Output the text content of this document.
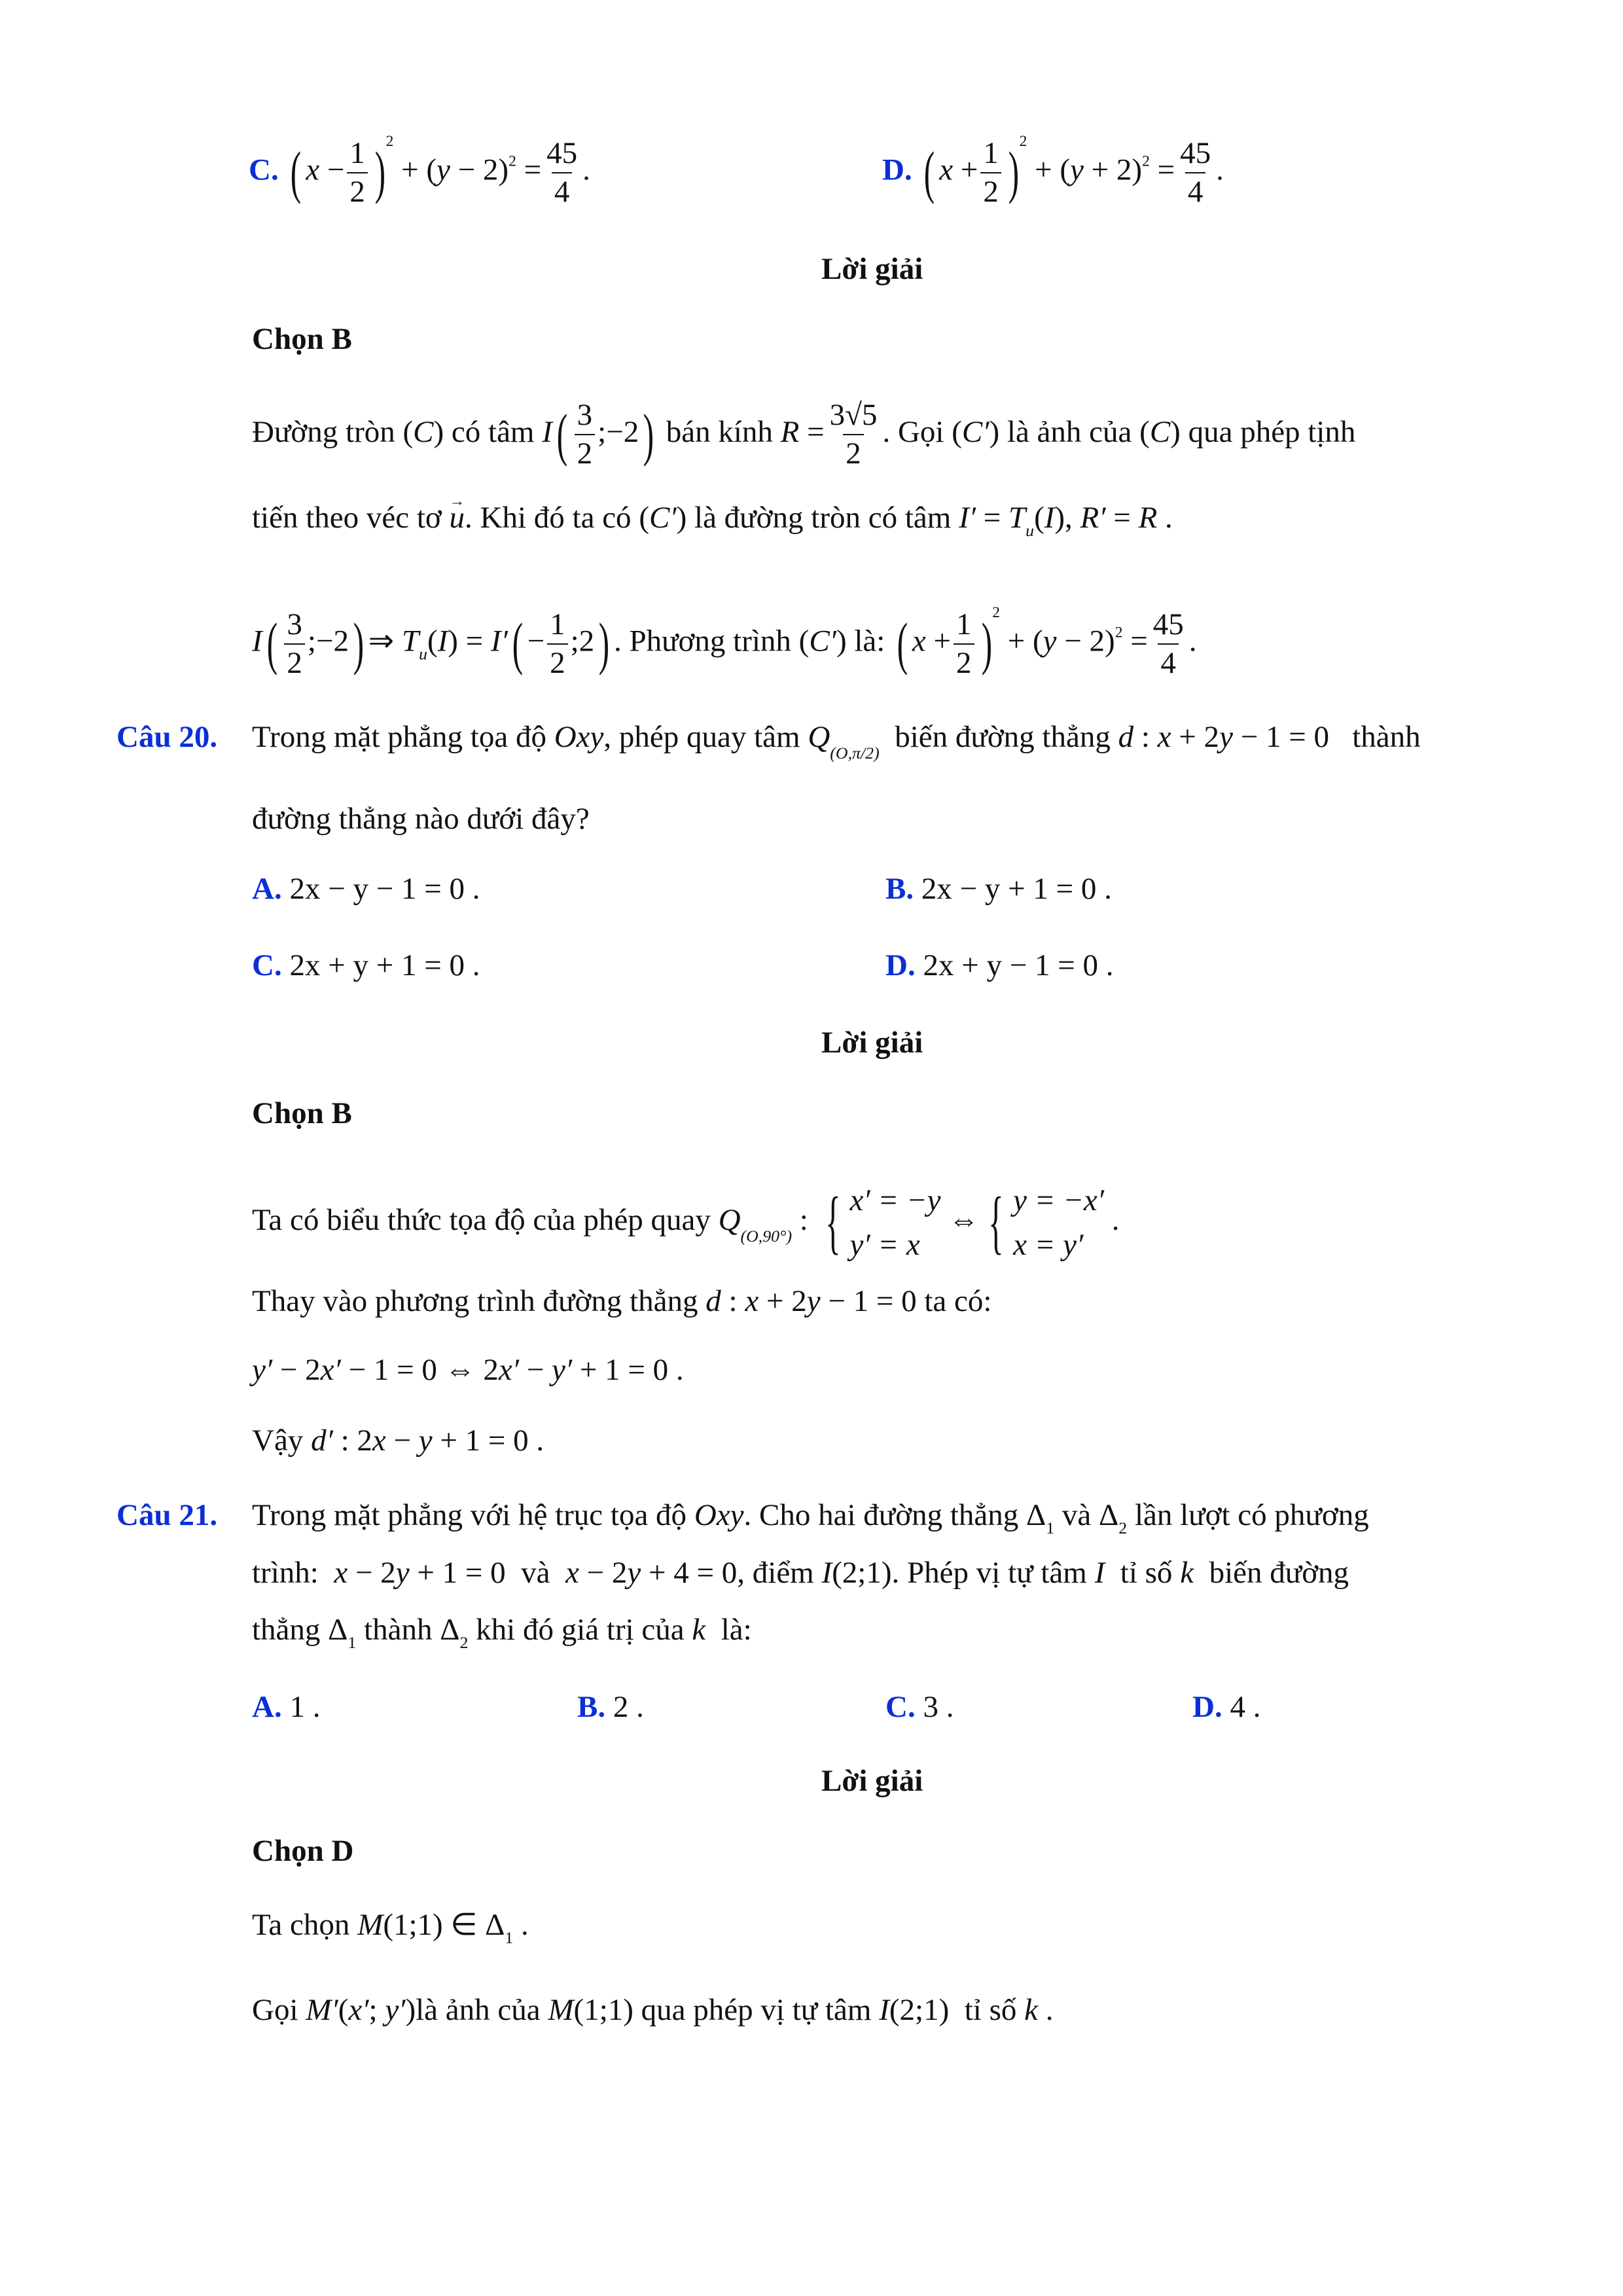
C. ( $x - \frac{1}{2} )^2 + (y - 2)^2 = \frac{45}{4}$ .	D. ( $x + \frac{1}{2} )^2 + (y + 2)^2 = \frac{45}{4}$ .
Lời giải
Chọn B
Đường tròn (C) có tâm $I( \frac{3}{2}$ ;−2) bán kính $R = \frac{3√5}{2}$ . Gọi (C′) là ảnh của (C) qua phép tịnh
tiến theo véc tơ → u. Khi đó ta có (C′) là đường tròn có tâm $I' = T_u(I)$, R′ = R .
$I( \frac{3}{2}$ ;−2) ⇒ $T_u(I) = I'( - \frac{1}{2}$ ;2) . Phương trình (C′) là: ( $x + \frac{1}{2} )^2 + (y - 2)^2 = \frac{45}{4}$ .
Câu 20. Trong mặt phẳng tọa độ Oxy, phép quay tâm $Q_{(O,\pi/2)}$ biến đường thẳng d : x + 2y − 1 = 0   thành
đường thẳng nào dưới đây?
A. 2x − y − 1 = 0 .	B. 2x − y + 1 = 0 .
C. 2x + y + 1 = 0 .	D. 2x + y − 1 = 0 .
Lời giải
Chọn B
Ta có biểu thức tọa độ của phép quay $Q_{(O,90^\circ)}$ : { x′ = −y
y′ = x
⇔ { y = −x′
x = y′
.
Thay vào phương trình đường thẳng d : x + 2y − 1 = 0 ta có:
y′ − 2x′ − 1 = 0 ⇔ 2x′ − y′ + 1 = 0 .
Vậy d′ : 2x − y + 1 = 0 .
Câu 21. Trong mặt phẳng với hệ trục tọa độ Oxy. Cho hai đường thẳng $\Delta_1$ và $\Delta_2$ lần lượt có phương
trình: x − 2y + 1 = 0  và x − 2y + 4 = 0, điểm I(2;1). Phép vị tự tâm I tỉ số k biến đường
thẳng $\Delta_1$ thành $\Delta_2$ khi đó giá trị của k là:
A. 1 .	B. 2 .	C. 3 .	D. 4 .
Lời giải
Chọn D
Ta chọn M(1;1) ∈ $\Delta_1$ .
Gọi M′(x′; y′)là ảnh của M(1;1) qua phép vị tự tâm I(2;1)  tỉ số k .
